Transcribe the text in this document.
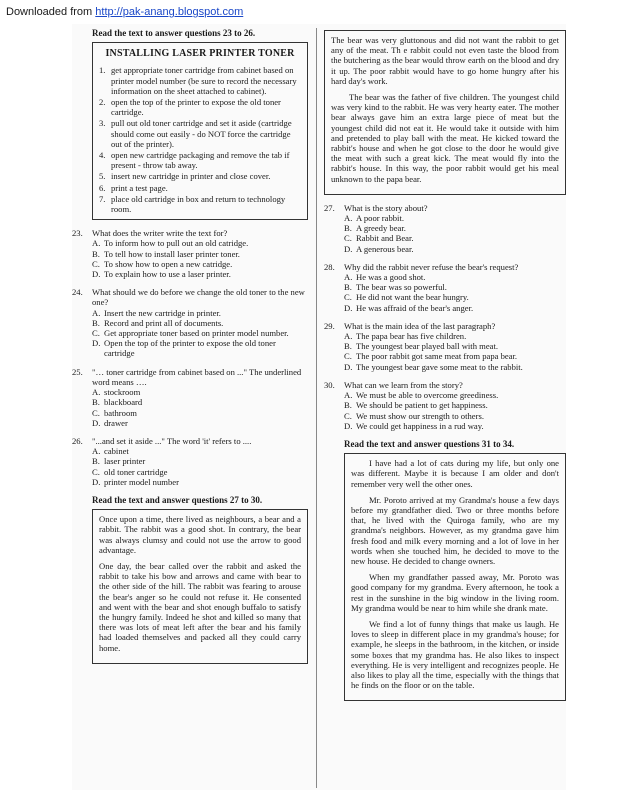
Downloaded from http://pak-anang.blogspot.com
Read the text to answer questions 23 to 26.
INSTALLING LASER PRINTER TONER
1. get appropriate toner cartridge from cabinet based on printer model number (be sure to record the necessary information on the sheet attached to cabinet).
2. open the top of the printer to expose the old toner cartridge.
3. pull out old toner cartridge and set it aside (cartridge should come out easily - do NOT force the cartridge out of the printer).
4. open new cartridge packaging and remove the tab if present - throw tab away.
5. insert new cartridge in printer and close cover.
6. print a test page.
7. place old cartridge in box and return to technology room.
23.	What does the writer write the text for?
A. To inform how to pull out an old catridge.
B. To tell how to install laser printer toner.
C. To show how to open a new catridge.
D. To explain how to use a laser printer.
24.	What should we do before we change the old toner to the new one?
A. Insert the new cartridge in printer.
B. Record and print all of documents.
C. Get appropriate toner based on printer model number.
D. Open the top of the printer to expose the old toner cartridge
25.	"… toner cartridge from cabinet based on ..." The underlined word means ….
A. stockroom
B. blackboard
C. bathroom
D. drawer
26.	"...and set it aside ..." The word 'it' refers to ....
A. cabinet
B. laser printer
C. old toner cartridge
D. printer model number
Read the text and answer questions 27 to 30.
Once upon a time, there lived as neighbours, a bear and a rabbit. The rabbit was a good shot. In contrary, the bear was always clumsy and could not use the arrow to good advantage.
One day, the bear called over the rabbit and asked the rabbit to take his bow and arrows and came with bear to the other side of the hill. The rabbit was fearing to arouse the bear's anger so he could not refuse it. He consented and went with the bear and shot enough buffalo to satisfy the hungry family. Indeed he shot and killed so many that there was lots of meat left after the bear and his family had loaded themselves and packed all they could carry home.
The bear was very gluttonous and did not want the rabbit to get any of the meat. Th e rabbit could not even taste the blood from the butchering as the bear would throw earth on the blood and dry it up. The poor rabbit would have to go home hungry after his hard day's work.
The bear was the father of five children. The youngest child was very kind to the rabbit. He was very hearty eater. The mother bear always gave him an extra large piece of meat but the youngest child did not eat it. He would take it outside with him and pretended to play ball with the meat. He kicked toward the rabbit's house and when he got close to the door he would give the meat with such a great kick. The meat would fly into the rabbit's house. In this way, the poor rabbit would get his meal unknown to the papa bear.
27.	What is the story about?
A. A poor rabbit.
B. A greedy bear.
C. Rabbit and Bear.
D. A generous bear.
28.	Why did the rabbit never refuse the bear's request?
A. He was a good shot.
B. The bear was so powerful.
C. He did not want the bear hungry.
D. He was affraid of the bear's anger.
29.	What is the main idea of the last paragraph?
A. The papa bear has five children.
B. The youngest bear played ball with meat.
C. The poor rabbit got same meat from papa bear.
D. The youngest bear gave some meat to the rabbit.
30.	What can we learn from the story?
A. We must be able to overcome greediness.
B. We should be patient to get happiness.
C. We must show our strength to others.
D. We could get happiness in a rud way.
Read the text and answer questions 31 to 34.
I have had a lot of cats during my life, but only one was different. Maybe it is because I am older and don't remember very well the other ones.
Mr. Poroto arrived at my Grandma's house a few days before my grandfather died. Two or three months before that, he lived with the Quiroga family, who are my grandma's neighbors. However, as my grandma gave him fresh food and milk every morning and a lot of love in her words when she touched him, he decided to move to the new house. He decided to change owners.
When my grandfather passed away, Mr. Poroto was good company for my grandma. Every afternoon, he took a rest in the sunshine in the big window in the living room. My grandma would be near to him while she drank mate.
We find a lot of funny things that make us laugh. He loves to sleep in different place in my grandma's house; for example, he sleeps in the bathroom, in the kitchen, or inside some boxes that my grandma has. He also likes to inspect everything. He is very intelligent and recognizes people. He also likes to play all the time, especially with the things that he finds on the floor or on the table.
